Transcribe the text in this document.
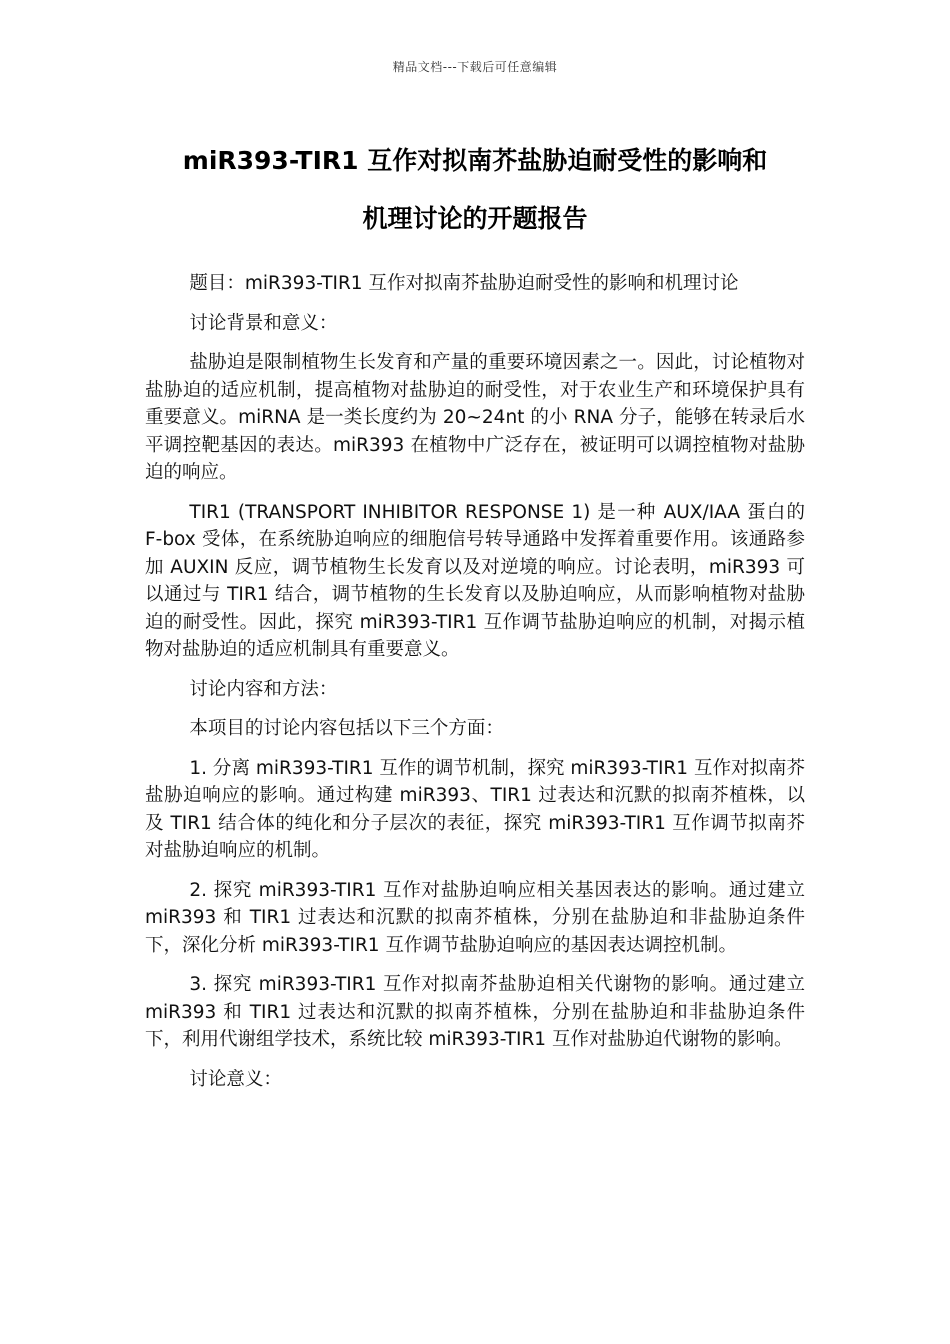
精品文档---下载后可任意编辑
miR393-TIR1 互作对拟南芥盐胁迫耐受性的影响和
机理讨论的开题报告

题目：miR393-TIR1 互作对拟南芥盐胁迫耐受性的影响和机理讨论

讨论背景和意义：

盐胁迫是限制植物生长发育和产量的重要环境因素之一。因此，讨论植物对盐胁迫的适应机制，提高植物对盐胁迫的耐受性，对于农业生产和环境保护具有重要意义。miRNA 是一类长度约为 20~24nt 的小 RNA 分子，能够在转录后水平调控靶基因的表达。miR393 在植物中广泛存在，被证明可以调控植物对盐胁迫的响应。

TIR1 (TRANSPORT INHIBITOR RESPONSE 1) 是一种 AUX/IAA 蛋白的 F-box 受体，在系统胁迫响应的细胞信号转导通路中发挥着重要作用。该通路参加 AUXIN 反应，调节植物生长发育以及对逆境的响应。讨论表明，miR393 可以通过与 TIR1 结合，调节植物的生长发育以及胁迫响应，从而影响植物对盐胁迫的耐受性。因此，探究 miR393-TIR1 互作调节盐胁迫响应的机制，对揭示植物对盐胁迫的适应机制具有重要意义。

讨论内容和方法：

本项目的讨论内容包括以下三个方面：

1. 分离 miR393-TIR1 互作的调节机制，探究 miR393-TIR1 互作对拟南芥盐胁迫响应的影响。通过构建 miR393、TIR1 过表达和沉默的拟南芥植株，以及 TIR1 结合体的纯化和分子层次的表征，探究 miR393-TIR1 互作调节拟南芥对盐胁迫响应的机制。

2. 探究 miR393-TIR1 互作对盐胁迫响应相关基因表达的影响。通过建立 miR393 和 TIR1 过表达和沉默的拟南芥植株，分别在盐胁迫和非盐胁迫条件下，深化分析 miR393-TIR1 互作调节盐胁迫响应的基因表达调控机制。

3. 探究 miR393-TIR1 互作对拟南芥盐胁迫相关代谢物的影响。通过建立 miR393 和 TIR1 过表达和沉默的拟南芥植株，分别在盐胁迫和非盐胁迫条件下，利用代谢组学技术，系统比较 miR393-TIR1 互作对盐胁迫代谢物的影响。

讨论意义：
